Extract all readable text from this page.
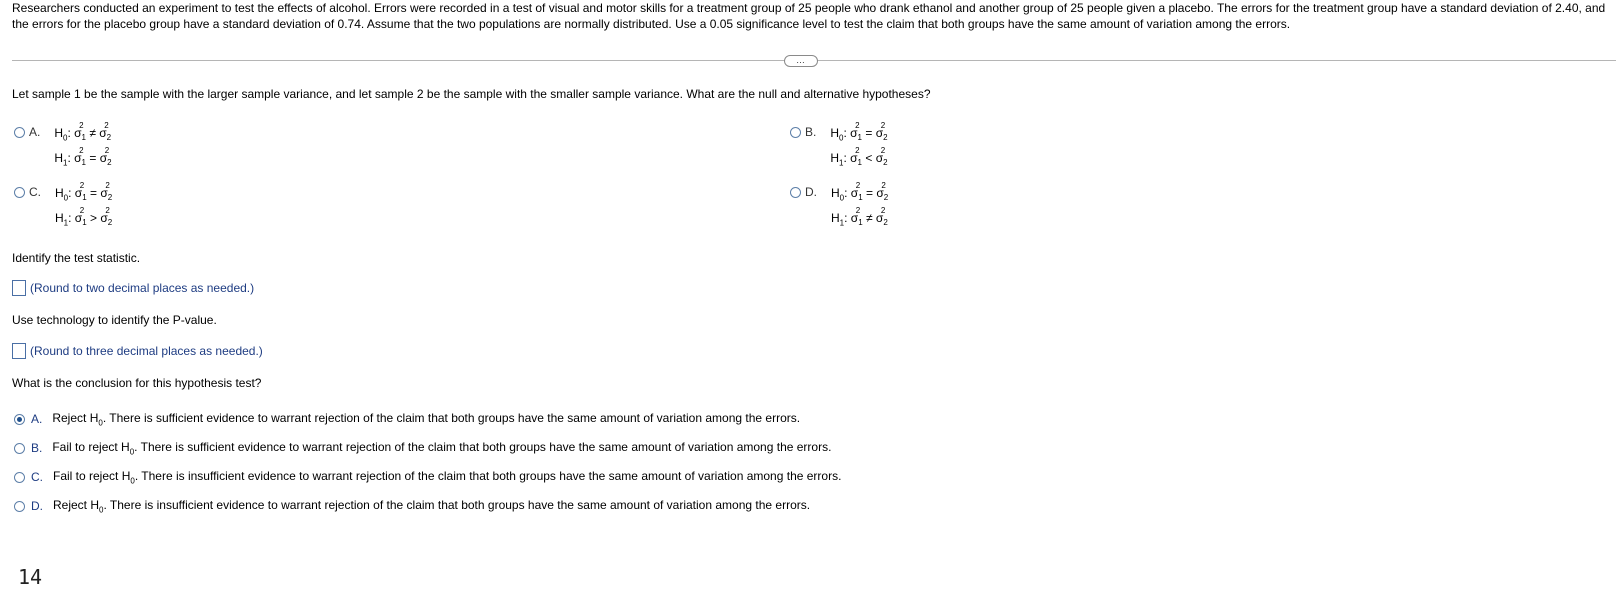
Researchers conducted an experiment to test the effects of alcohol. Errors were recorded in a test of visual and motor skills for a treatment group of 25 people who drank ethanol and another group of 25 people given a placebo. The errors for the treatment group have a standard deviation of 2.40, and the errors for the placebo group have a standard deviation of 0.74. Assume that the two populations are normally distributed. Use a 0.05 significance level to test the claim that both groups have the same amount of variation among the errors.
…
Let sample 1 be the sample with the larger sample variance, and let sample 2 be the sample with the smaller sample variance. What are the null and alternative hypotheses?
A. $H_0$: σ
2
$_1$ ≠ σ
2
$_2$
$H_1$: σ
2
$_1$ = σ
2
$_2$
B. $H_0$: σ
2
$_1$ = σ
2
$_2$
$H_1$: σ
2
$_1$ < σ
2
$_2$
C. $H_0$: σ
2
$_1$ = σ
2
$_2$
$H_1$: σ
2
$_1$ > σ
2
$_2$
D. $H_0$: σ
2
$_1$ = σ
2
$_2$
$H_1$: σ
2
$_1$ ≠ σ
2
$_2$
Identify the test statistic.
(Round to two decimal places as needed.)
Use technology to identify the P-value.
(Round to three decimal places as needed.)
What is the conclusion for this hypothesis test?
A. Reject $H_0$. There is sufficient evidence to warrant rejection of the claim that both groups have the same amount of variation among the errors.
B. Fail to reject $H_0$. There is sufficient evidence to warrant rejection of the claim that both groups have the same amount of variation among the errors.
C. Fail to reject $H_0$. There is insufficient evidence to warrant rejection of the claim that both groups have the same amount of variation among the errors.
D. Reject $H_0$. There is insufficient evidence to warrant rejection of the claim that both groups have the same amount of variation among the errors.
14
